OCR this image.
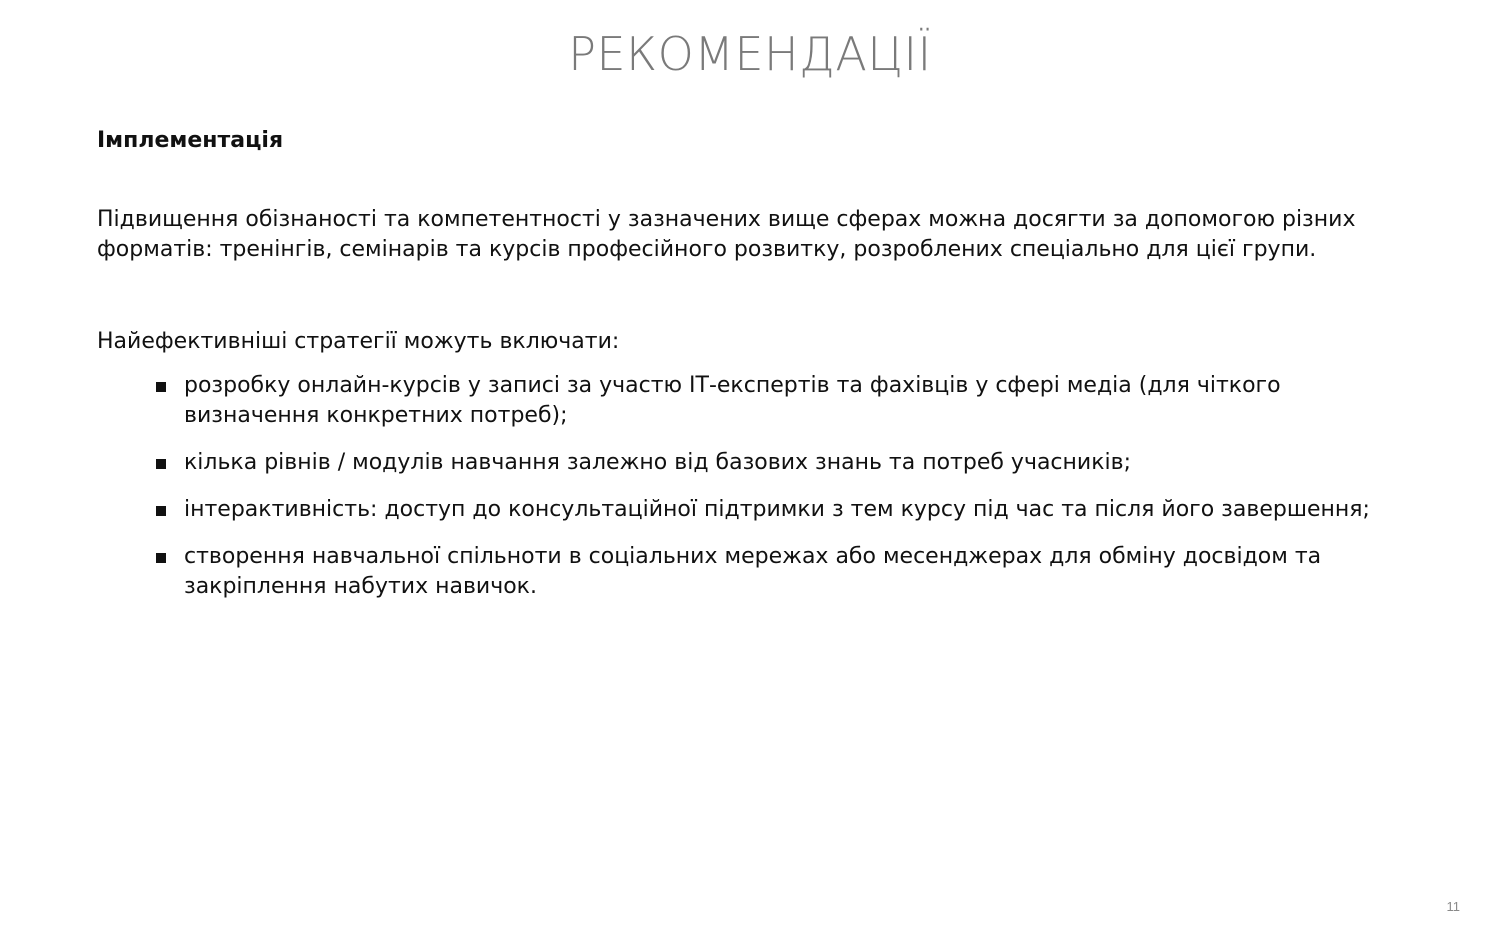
РЕКОМЕНДАЦІЇ

Імплементація

Підвищення обізнаності та компетентності у зазначених вище сферах можна досягти за допомогою різних форматів: тренінгів, семінарів та курсів професійного розвитку, розроблених спеціально для цієї групи.

Найефективніші стратегії можуть включати:

розробку онлайн-курсів у записі за участю ІТ-експертів та фахівців у сфері медіа (для чіткого визначення конкретних потреб);
кілька рівнів / модулів навчання залежно від базових знань та потреб учасників;
інтерактивність: доступ до консультаційної підтримки з тем курсу під час та після його завершення;
створення навчальної спільноти в соціальних мережах або месенджерах для обміну досвідом та закріплення набутих навичок.
11
